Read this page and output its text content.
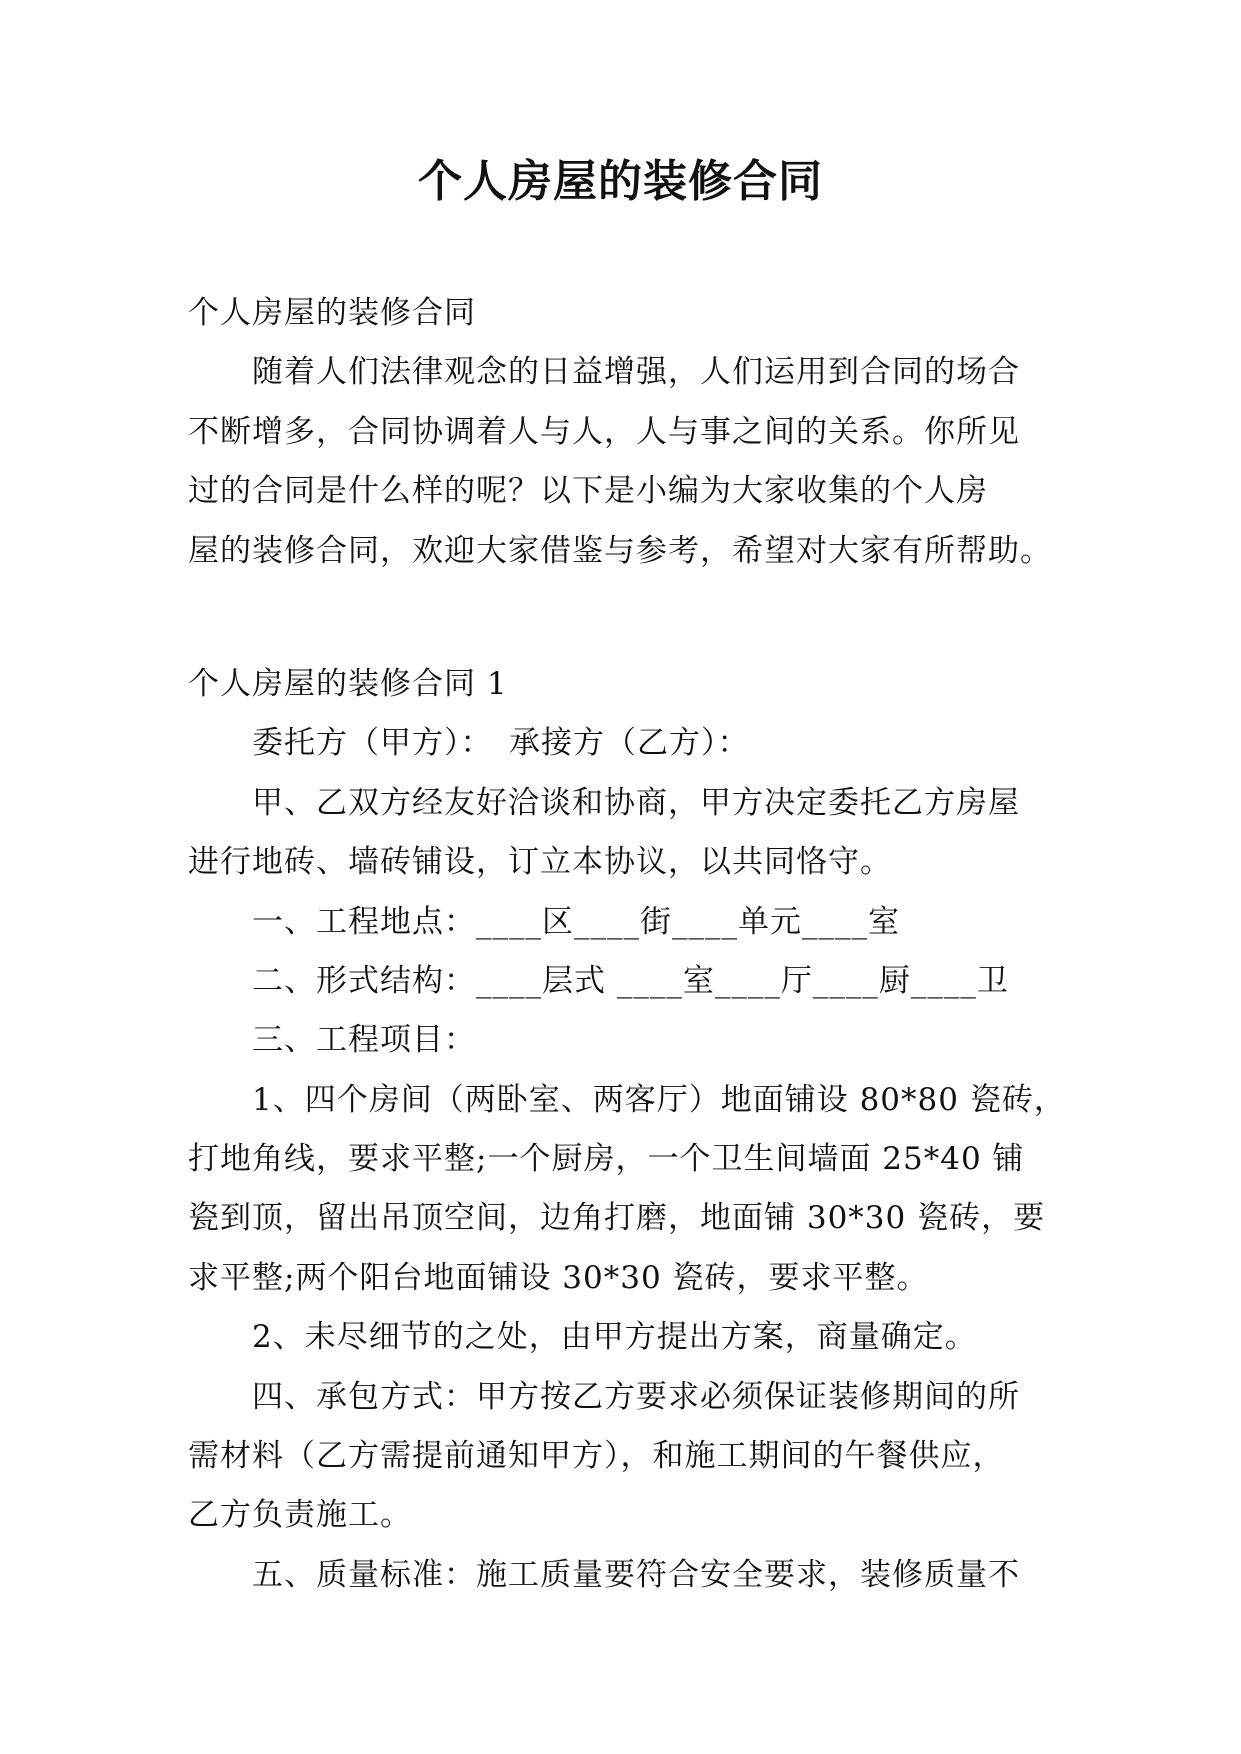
个人房屋的装修合同

个人房屋的装修合同

随着人们法律观念的日益增强，人们运用到合同的场合

不断增多，合同协调着人与人，人与事之间的关系。你所见

过的合同是什么样的呢？以下是小编为大家收集的个人房

屋的装修合同，欢迎大家借鉴与参考，希望对大家有所帮助。

个人房屋的装修合同 1

委托方（甲方）：　承接方（乙方）：

甲、乙双方经友好洽谈和协商，甲方决定委托乙方房屋

进行地砖、墙砖铺设，订立本协议，以共同恪守。

一、工程地点：____区____街____单元____室

二、形式结构：____层式 ____室____厅____厨____卫

三、工程项目：

1、四个房间（两卧室、两客厅）地面铺设 80*80 瓷砖，

打地角线，要求平整;一个厨房，一个卫生间墙面 25*40 铺

瓷到顶，留出吊顶空间，边角打磨，地面铺 30*30 瓷砖，要

求平整;两个阳台地面铺设 30*30 瓷砖，要求平整。

2、未尽细节的之处，由甲方提出方案，商量确定。

四、承包方式：甲方按乙方要求必须保证装修期间的所

需材料（乙方需提前通知甲方），和施工期间的午餐供应，

乙方负责施工。

五、质量标准：施工质量要符合安全要求，装修质量不
